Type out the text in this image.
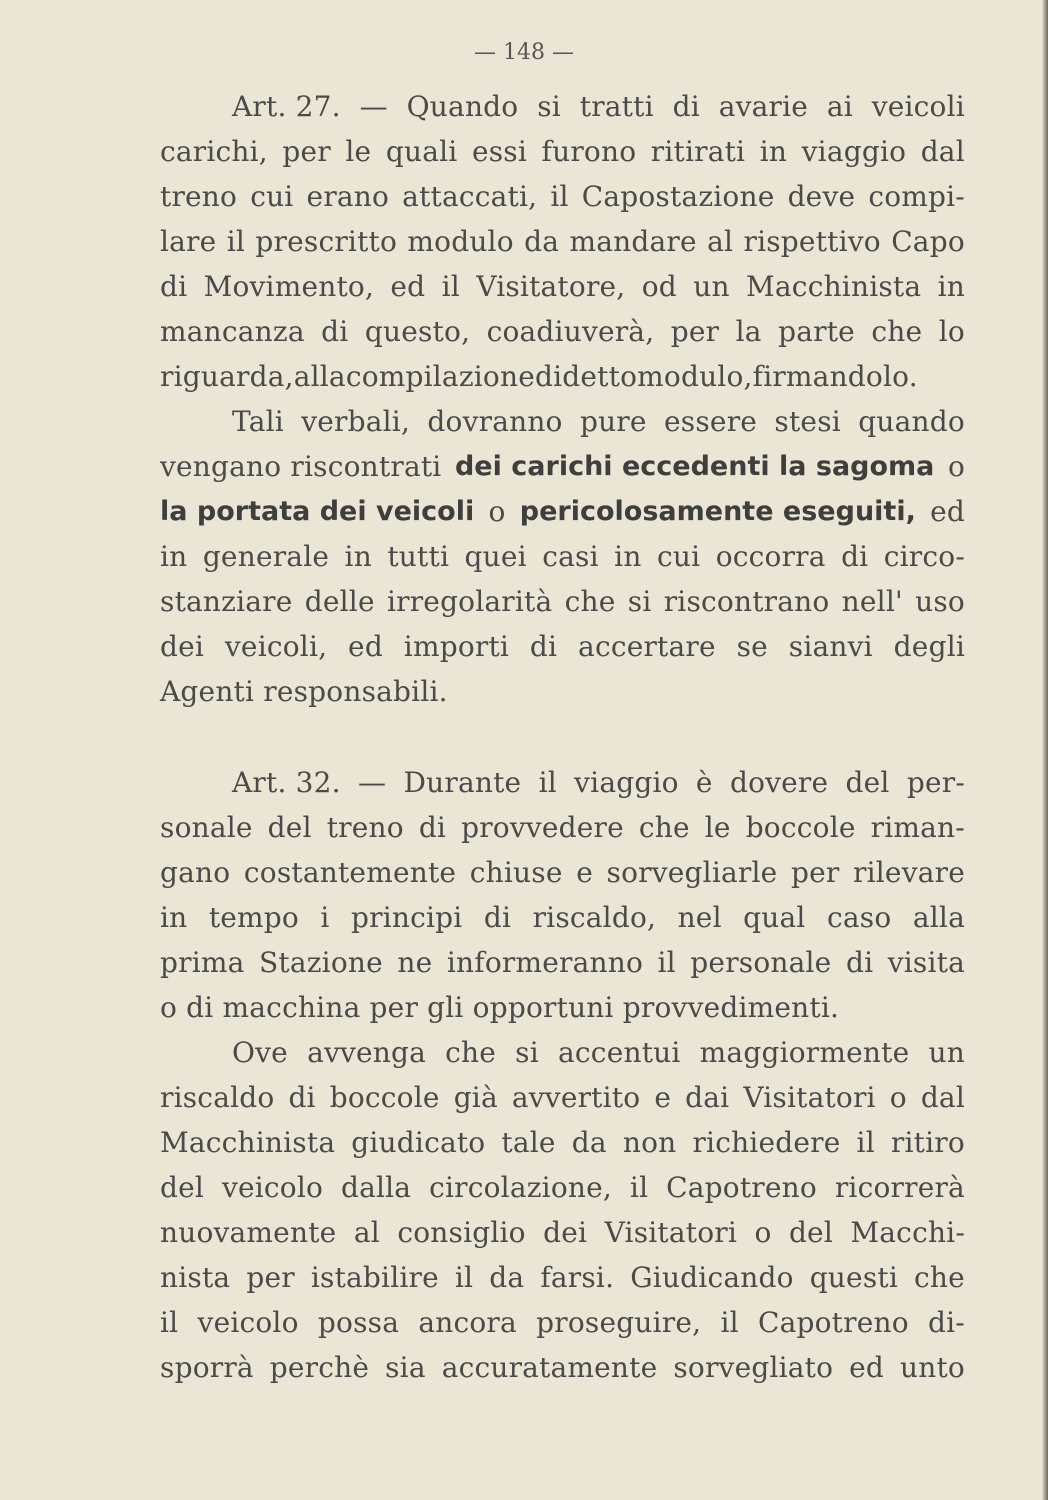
— 148 —
Art. 27. — Quando si tratti di avarie ai veicoli
carichi, per le quali essi furono ritirati in viaggio dal
treno cui erano attaccati, il Capostazione deve compi-
lare il prescritto modulo da mandare al rispettivo Capo
di Movimento, ed il Visitatore, od un Macchinista in
mancanza di questo, coadiuverà, per la parte che lo
riguarda, alla compilazione di detto modulo, firmandolo.
Tali verbali, dovranno pure essere stesi quando
vengano riscontrati dei carichi eccedenti la sagoma o
la portata dei veicoli o pericolosamente eseguiti, ed
in generale in tutti quei casi in cui occorra di circo-
stanziare delle irregolarità che si riscontrano nell' uso
dei veicoli, ed importi di accertare se sianvi degli
Agenti responsabili.
Art. 32. — Durante il viaggio è dovere del per-
sonale del treno di provvedere che le boccole riman-
gano costantemente chiuse e sorvegliarle per rilevare
in tempo i principi di riscaldo, nel qual caso alla
prima Stazione ne informeranno il personale di visita
o di macchina per gli opportuni provvedimenti.
Ove avvenga che si accentui maggiormente un
riscaldo di boccole già avvertito e dai Visitatori o dal
Macchinista giudicato tale da non richiedere il ritiro
del veicolo dalla circolazione, il Capotreno ricorrerà
nuovamente al consiglio dei Visitatori o del Macchi-
nista per istabilire il da farsi. Giudicando questi che
il veicolo possa ancora proseguire, il Capotreno di-
sporrà perchè sia accuratamente sorvegliato ed unto
